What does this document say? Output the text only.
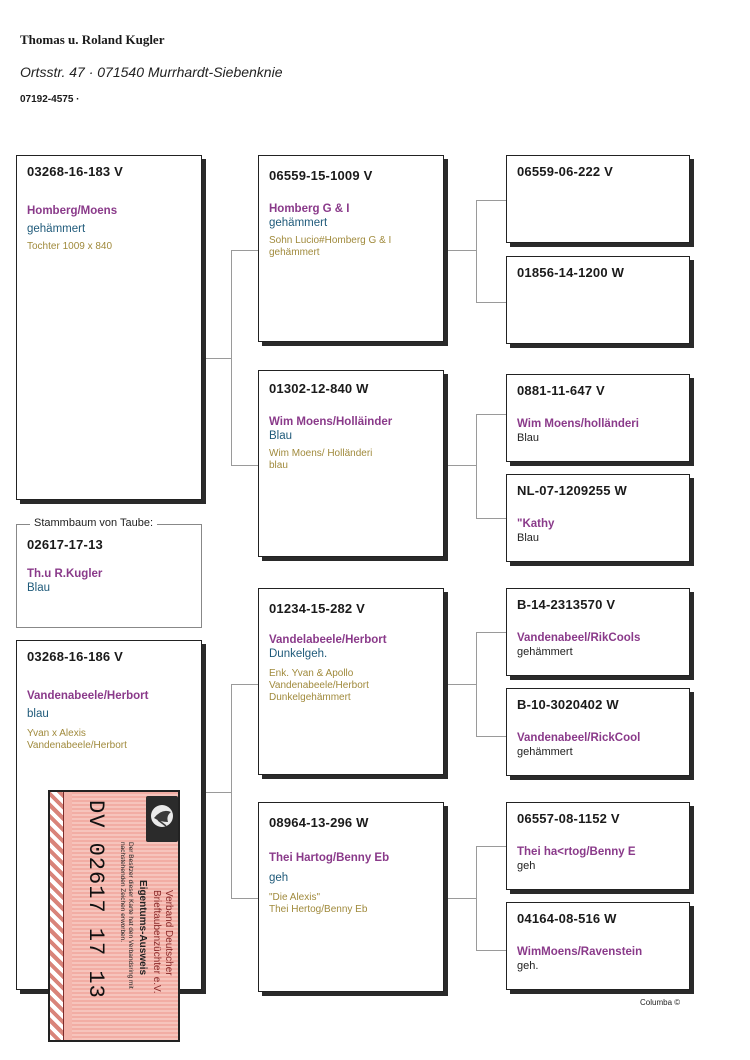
Thomas u. Roland Kugler
Ortsstr. 47 · 071540 Murrhardt-Siebenknie
07192-4575 ·
03268-16-183 V
Homberg/Moens
gehämmert
Tochter 1009 x 840
02617-17-13
Th.u R.Kugler
Blau
Stammbaum von Taube:
03268-16-186 V
Vandenabeele/Herbort
blau
Yvan x Alexis
Vandenabeele/Herbort
06559-15-1009 V
Homberg G & I
gehämmert
Sohn Lucio#Homberg G & I
gehämmert
01302-12-840 W
Wim Moens/Holläinder
Blau
Wim Moens/ Holländeri
blau
01234-15-282 V
Vandelabeele/Herbort
Dunkelgeh.
Enk. Yvan & Apollo
Vandenabeele/Herbort
Dunkelgehämmert
08964-13-296 W
Thei Hartog/Benny Eb
geh
"Die Alexis"
Thei Hertog/Benny Eb
06559-06-222 V
01856-14-1200 W
0881-11-647 V
Wim Moens/holländeri
Blau
NL-07-1209255 W
"Kathy
Blau
B-14-2313570 V
Vandenabeel/RikCools
gehämmert
B-10-3020402 W
Vandenabeel/RickCool
gehämmert
06557-08-1152 V
Thei ha<rtog/Benny E
geh
04164-08-516 W
WimMoens/Ravenstein
geh.
Verband Deutscher
Brieftaubenzüchter e.V.
Eigentums-Ausweis
Der Besitzer dieser Karte hat den Verbandsring mit nachstehenden Zeichen erworben.
DV 02617 17 13
Columba ©
